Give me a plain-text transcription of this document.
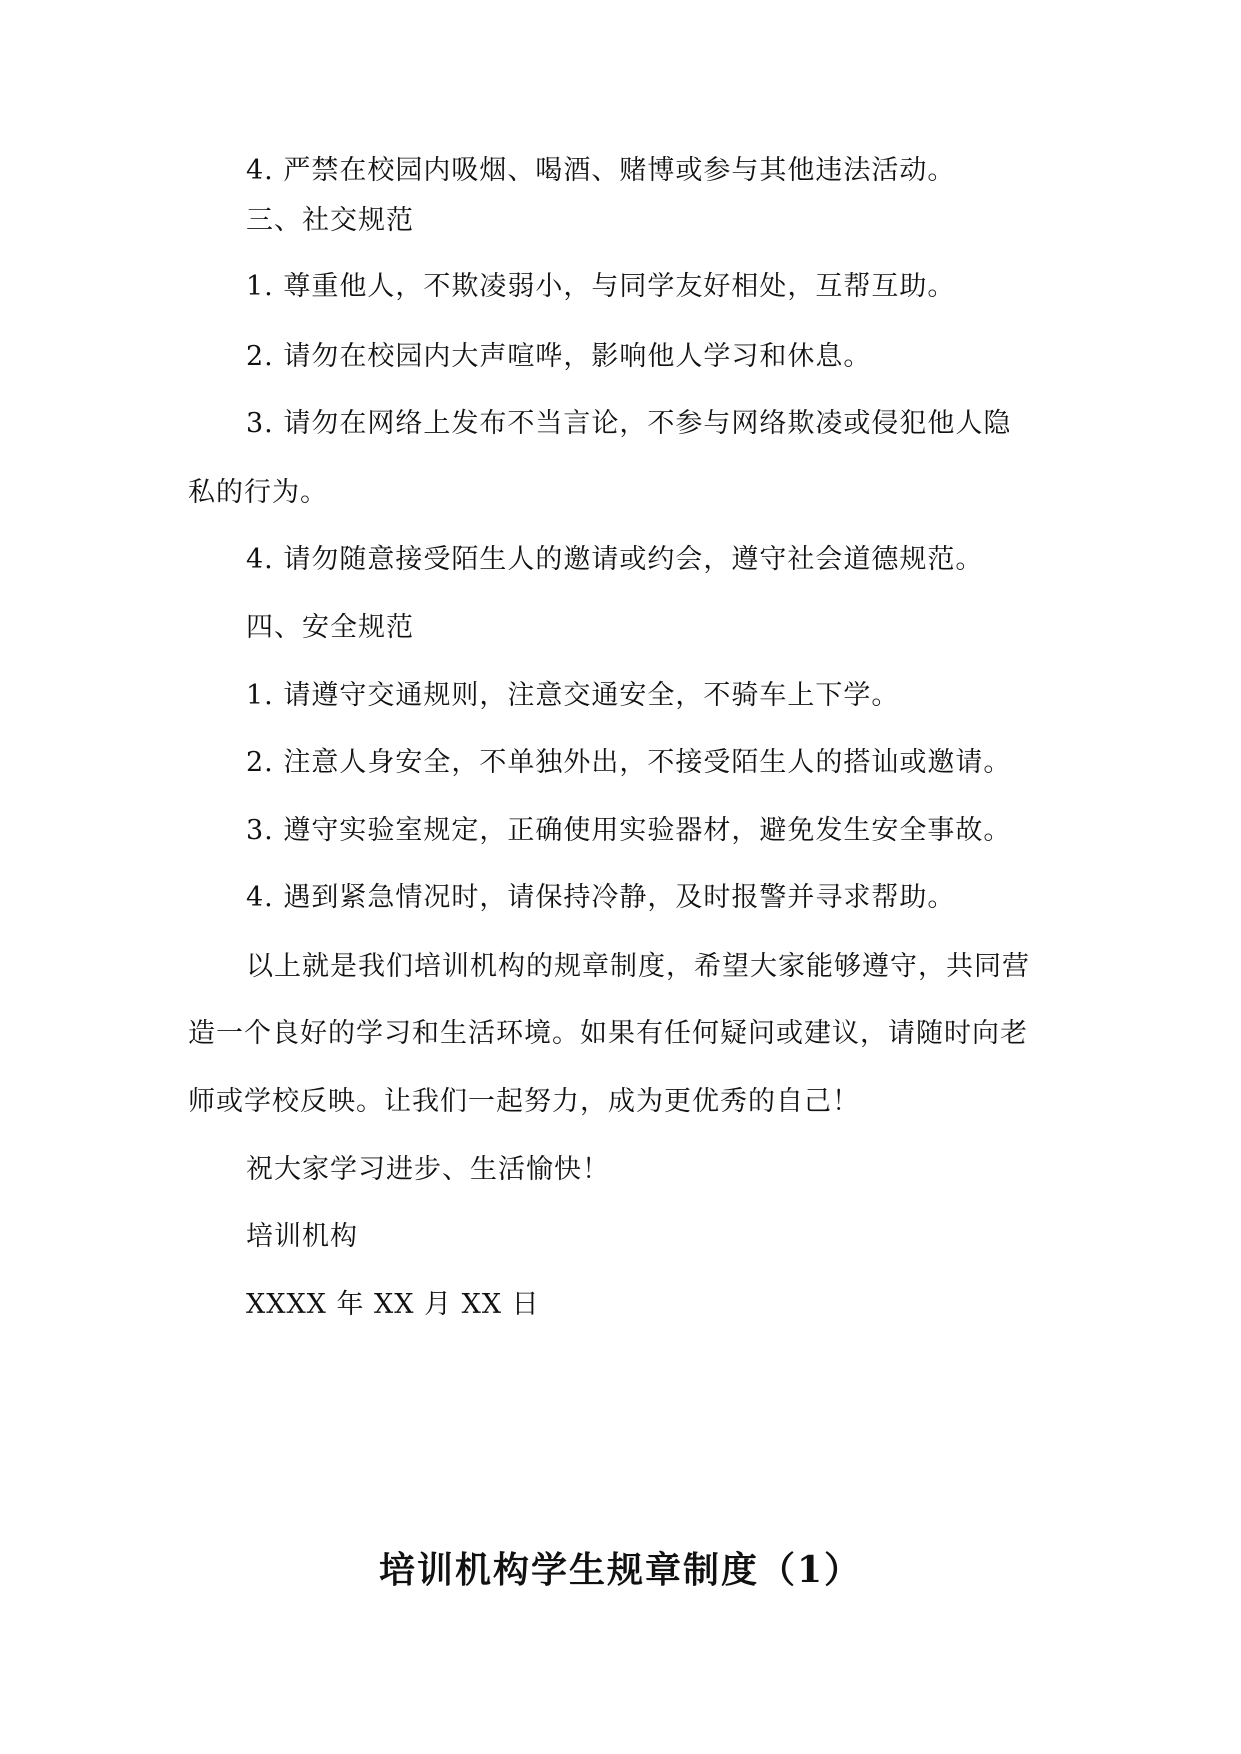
4. 严禁在校园内吸烟、喝酒、赌博或参与其他违法活动。
三、社交规范
1. 尊重他人，不欺凌弱小，与同学友好相处，互帮互助。
2. 请勿在校园内大声喧哗，影响他人学习和休息。
3. 请勿在网络上发布不当言论，不参与网络欺凌或侵犯他人隐
私的行为。
4. 请勿随意接受陌生人的邀请或约会，遵守社会道德规范。
四、安全规范
1. 请遵守交通规则，注意交通安全，不骑车上下学。
2. 注意人身安全，不单独外出，不接受陌生人的搭讪或邀请。
3. 遵守实验室规定，正确使用实验器材，避免发生安全事故。
4. 遇到紧急情况时，请保持冷静，及时报警并寻求帮助。
以上就是我们培训机构的规章制度，希望大家能够遵守，共同营
造一个良好的学习和生活环境。如果有任何疑问或建议，请随时向老
师或学校反映。让我们一起努力，成为更优秀的自己！
祝大家学习进步、生活愉快！
培训机构
XXXX 年 XX 月 XX 日
培训机构学生规章制度（1）
